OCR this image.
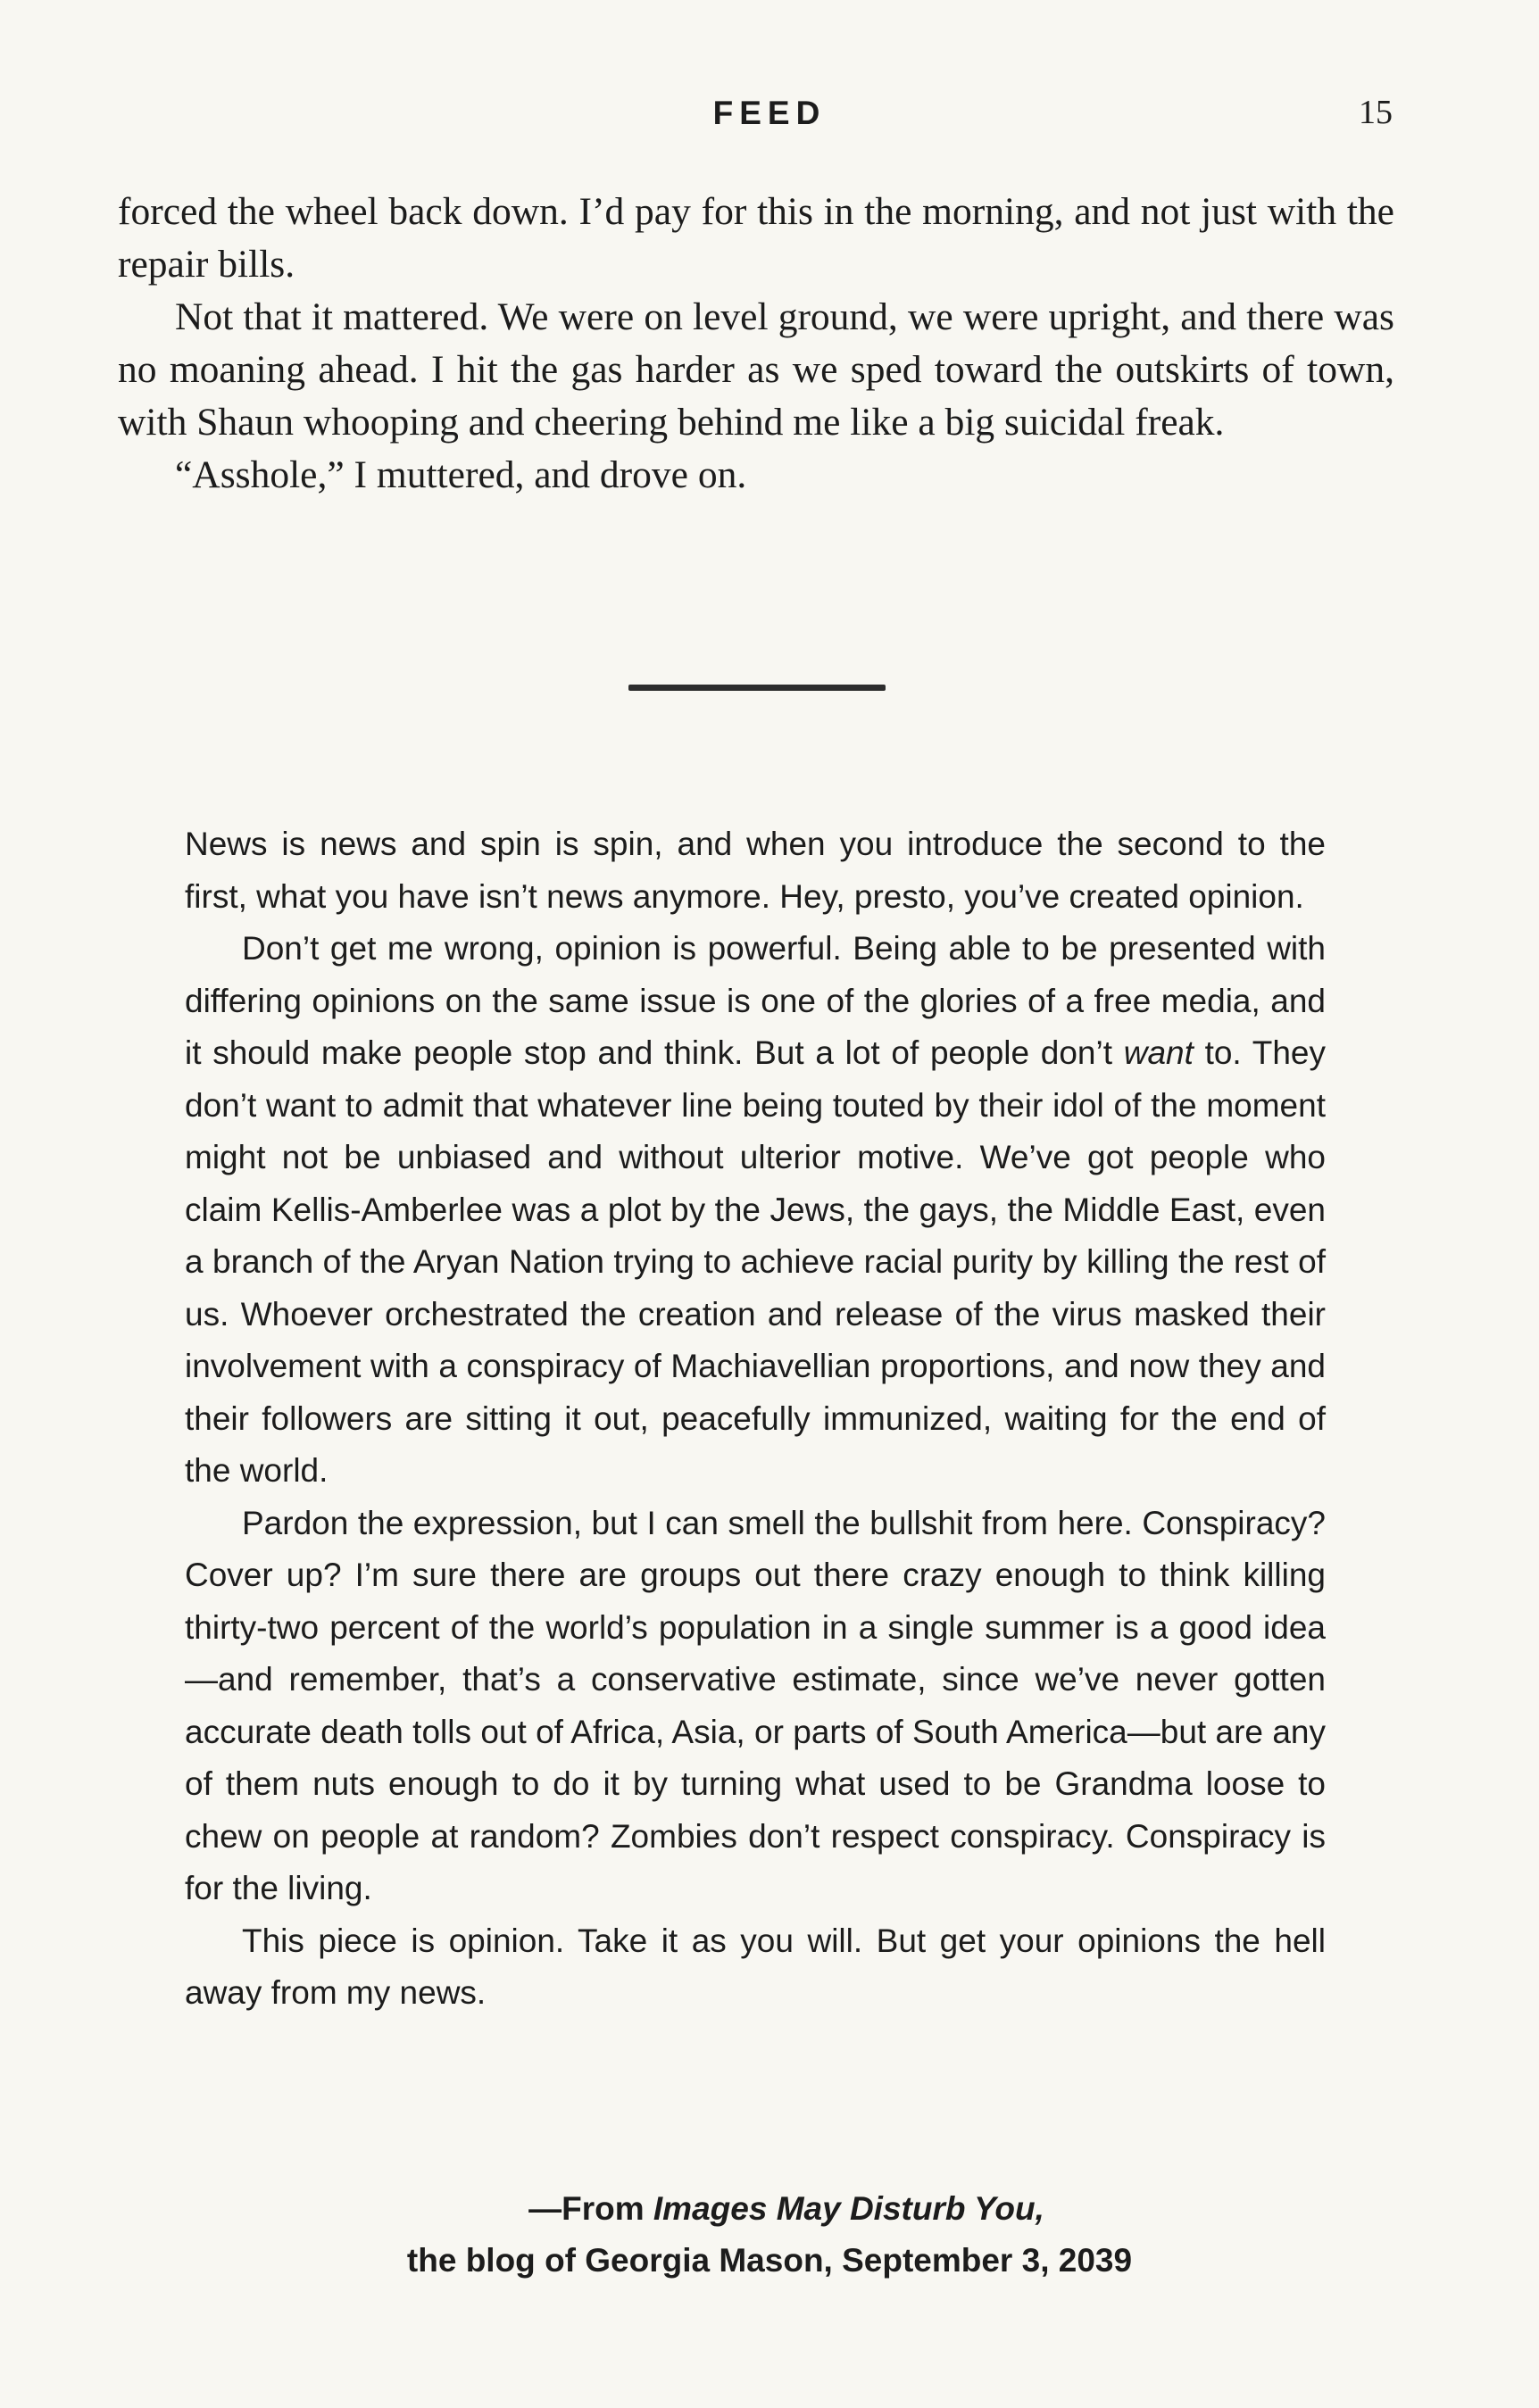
FEED	15

forced the wheel back down. I’d pay for this in the morning, and not just with the repair bills.

Not that it mattered. We were on level ground, we were upright, and there was no moaning ahead. I hit the gas harder as we sped toward the outskirts of town, with Shaun whooping and cheering behind me like a big suicidal freak.

“Asshole,” I muttered, and drove on.

News is news and spin is spin, and when you introduce the second to the first, what you have isn’t news anymore. Hey, presto, you’ve created opinion.

Don’t get me wrong, opinion is powerful. Being able to be presented with differing opinions on the same issue is one of the glories of a free media, and it should make people stop and think. But a lot of people don’t want to. They don’t want to admit that whatever line being touted by their idol of the moment might not be unbiased and without ulterior motive. We’ve got people who claim Kellis-Amberlee was a plot by the Jews, the gays, the Middle East, even a branch of the Aryan Nation trying to achieve racial purity by killing the rest of us. Whoever orchestrated the creation and release of the virus masked their involvement with a conspiracy of Machiavellian proportions, and now they and their followers are sitting it out, peacefully immunized, waiting for the end of the world.

Pardon the expression, but I can smell the bullshit from here. Conspiracy? Cover up? I’m sure there are groups out there crazy enough to think killing thirty-two percent of the world’s population in a single summer is a good idea—and remember, that’s a conservative estimate, since we’ve never gotten accurate death tolls out of Africa, Asia, or parts of South America—but are any of them nuts enough to do it by turning what used to be Grandma loose to chew on people at random? Zombies don’t respect conspiracy. Conspiracy is for the living.

This piece is opinion. Take it as you will. But get your opinions the hell away from my news.

—From Images May Disturb You,
the blog of Georgia Mason, September 3, 2039
